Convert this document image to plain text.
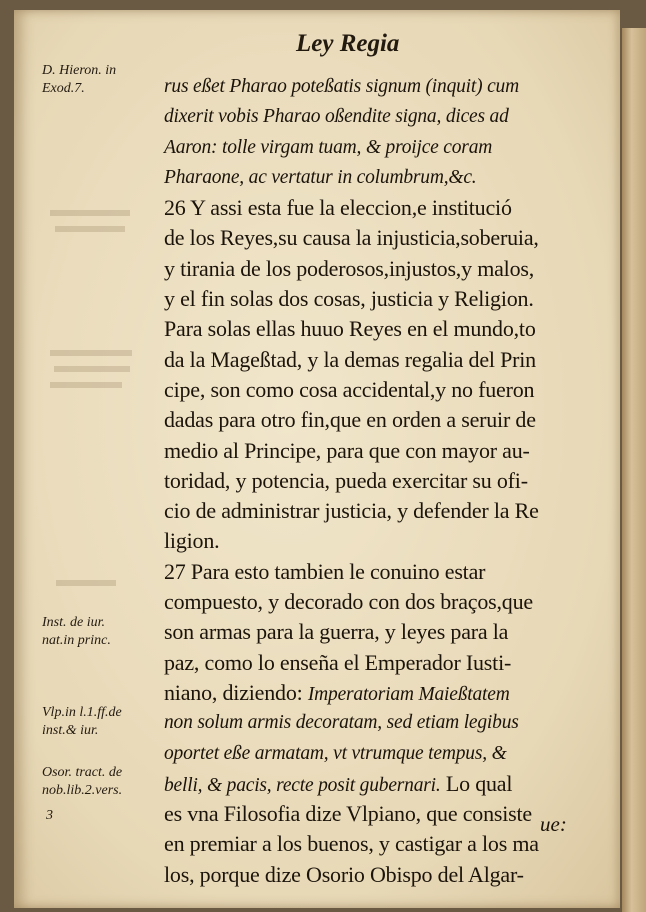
Ley Regia
D. Hieron. in
Exod.7.
Inst. de iur.
nat.in princ.
Vlp.in l.1.ff.de
inst.& iur.
Osor. tract. de
nob.lib.2.vers.
rus eßet Pharao poteßatis signum (inquit) cum
dixerit vobis Pharao oßendite signa, dices ad
Aaron: tolle virgam tuam, & proijce coram
Pharaone, ac vertatur in columbrum,&c.
26 Y assi esta fue la eleccion,e institució
de los Reyes,su causa la injusticia,soberuia,
y tirania de los poderosos,injustos,y malos,
y el fin solas dos cosas, justicia y Religion.
Para solas ellas huuo Reyes en el mundo,to
da la Mageßtad, y la demas regalia del Prin
cipe, son como cosa accidental,y no fueron
dadas para otro fin,que en orden a seruir de
medio al Principe, para que con mayor au-
toridad, y potencia, pueda exercitar su ofi-
cio de administrar justicia, y defender la Re
ligion.
27 Para esto tambien le conuino estar
compuesto, y decorado con dos braços,que
son armas para la guerra, y leyes para la
paz, como lo enseña el Emperador Iusti-
niano, diziendo: Imperatoriam Maießtatem
non solum armis decoratam, sed etiam legibus
oportet eße armatam, vt vtrumque tempus, &
belli, & pacis, recte posit gubernari. Lo qual
es vna Filosofia dize Vlpiano, que consiste
en premiar a los buenos, y castigar a los ma
los, porque dize Osorio Obispo del Algar-
3	ue:
